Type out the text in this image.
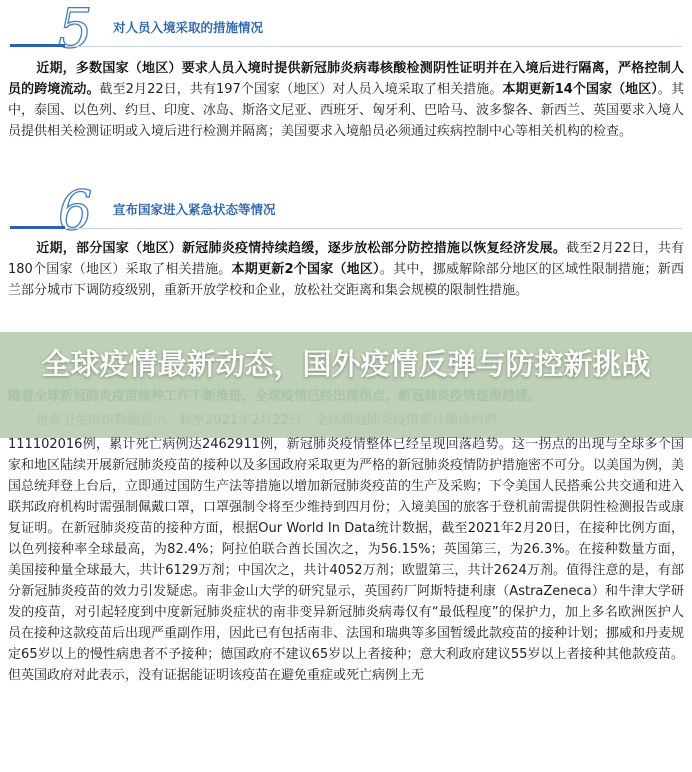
5 对人员入境采取的措施情况

近期，多数国家（地区）要求人员入境时提供新冠肺炎病毒核酸检测阴性证明并在入境后进行隔离，严格控制人员的跨境流动。截至2月22日，共有197个国家（地区）对人员入境采取了相关措施。本期更新14个国家（地区）。其中，泰国、以色列、约旦、印度、冰岛、斯洛文尼亚、西班牙、匈牙利、巴哈马、波多黎各、新西兰、英国要求入境人员提供相关检测证明或入境后进行检测并隔离；美国要求入境船员必须通过疾病控制中心等相关机构的检查。

6 宣布国家进入紧急状态等情况

近期，部分国家（地区）新冠肺炎疫情持续趋缓，逐步放松部分防控措施以恢复经济发展。截至2月22日，共有180个国家（地区）采取了相关措施。本期更新2个国家（地区）。其中，挪威解除部分地区的区域性限制措施；新西兰部分城市下调防疫级别，重新开放学校和企业，放松社交距离和集会规模的限制性措施。

全球疫情最新动态，国外疫情反弹与防控新挑战

111102016例，累计死亡病例达2462911例，新冠肺炎疫情整体已经呈现回落趋势。这一拐点的出现与全球多个国家和地区陆续开展新冠肺炎疫苗的接种以及多国政府采取更为严格的新冠肺炎疫情防护措施密不可分。以美国为例，美国总统拜登上台后，立即通过国防生产法等措施以增加新冠肺炎疫苗的生产及采购；下令美国人民搭乘公共交通和进入联邦政府机构时需强制佩戴口罩，口罩强制令将至少维持到四月份；入境美国的旅客于登机前需提供阴性检测报告或康复证明。在新冠肺炎疫苗的接种方面，根据Our World In Data统计数据，截至2021年2月20日，在接种比例方面，以色列接种率全球最高，为82.4%；阿拉伯联合酋长国次之，为56.15%；英国第三，为26.3%。在接种数量方面，美国接种量全球最大，共计6129万剂；中国次之，共计4052万剂；欧盟第三，共计2624万剂。值得注意的是，有部分新冠肺炎疫苗的效力引发疑虑。南非金山大学的研究显示，英国药厂阿斯特捷利康（AstraZeneca）和牛津大学研发的疫苗，对引起轻度到中度新冠肺炎症状的南非变异新冠肺炎病毒仅有“最低程度”的保护力，加上多名欧洲医护人员在接种这款疫苗后出现严重副作用，因此已有包括南非、法国和瑞典等多国暂缓此款疫苗的接种计划；挪威和丹麦规定65岁以上的慢性病患者不予接种；德国政府不建议65岁以上者接种；意大利政府建议55岁以上者接种其他款疫苗。但英国政府对此表示，没有证据能证明该疫苗在避免重症或死亡病例上无
